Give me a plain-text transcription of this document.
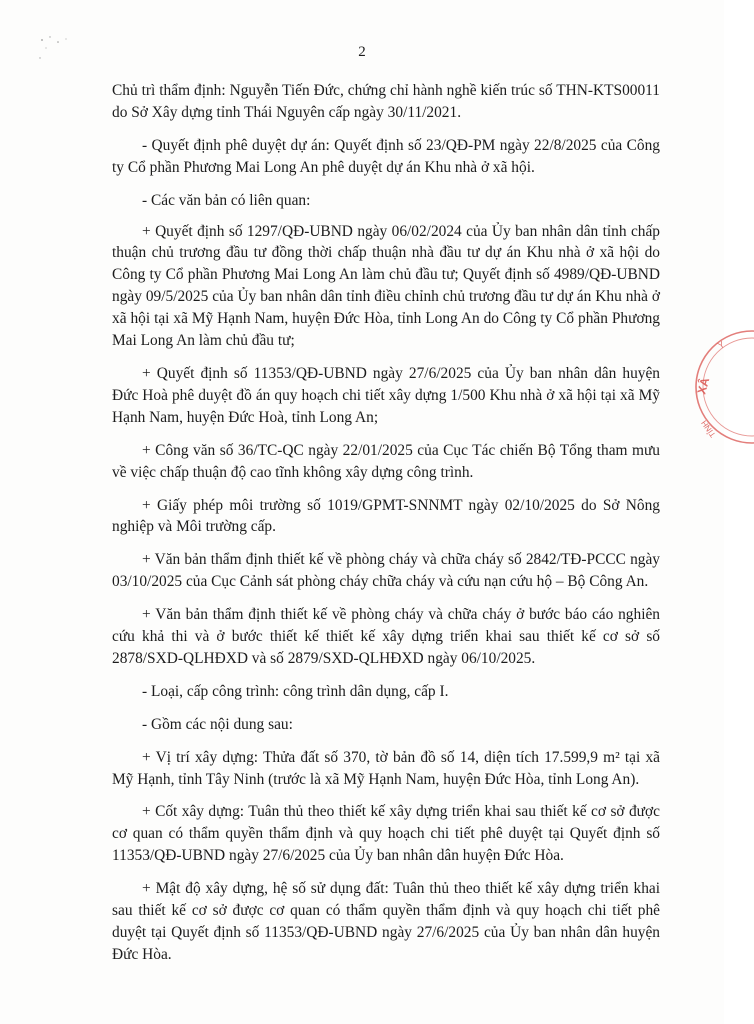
2

Chủ trì thẩm định: Nguyễn Tiến Đức, chứng chỉ hành nghề kiến trúc số THN-KTS00011 do Sở Xây dựng tỉnh Thái Nguyên cấp ngày 30/11/2021.

- Quyết định phê duyệt dự án: Quyết định số 23/QĐ-PM ngày 22/8/2025 của Công ty Cổ phần Phương Mai Long An phê duyệt dự án Khu nhà ở xã hội.

- Các văn bản có liên quan:

+ Quyết định số 1297/QĐ-UBND ngày 06/02/2024 của Ủy ban nhân dân tỉnh chấp thuận chủ trương đầu tư đồng thời chấp thuận nhà đầu tư dự án Khu nhà ở xã hội do Công ty Cổ phần Phương Mai Long An làm chủ đầu tư; Quyết định số 4989/QĐ-UBND ngày 09/5/2025 của Ủy ban nhân dân tỉnh điều chỉnh chủ trương đầu tư dự án Khu nhà ở xã hội tại xã Mỹ Hạnh Nam, huyện Đức Hòa, tỉnh Long An do Công ty Cổ phần Phương Mai Long An làm chủ đầu tư;

+ Quyết định số 11353/QĐ-UBND ngày 27/6/2025 của Ủy ban nhân dân huyện Đức Hoà phê duyệt đồ án quy hoạch chi tiết xây dựng 1/500 Khu nhà ở xã hội tại xã Mỹ Hạnh Nam, huyện Đức Hoà, tỉnh Long An;

+ Công văn số 36/TC-QC ngày 22/01/2025 của Cục Tác chiến Bộ Tổng tham mưu về việc chấp thuận độ cao tĩnh không xây dựng công trình.

+ Giấy phép môi trường số 1019/GPMT-SNNMT ngày 02/10/2025 do Sở Nông nghiệp và Môi trường cấp.

+ Văn bản thẩm định thiết kế về phòng cháy và chữa cháy số 2842/TĐ-PCCC ngày 03/10/2025 của Cục Cảnh sát phòng cháy chữa cháy và cứu nạn cứu hộ – Bộ Công An.

+ Văn bản thẩm định thiết kế về phòng cháy và chữa cháy ở bước báo cáo nghiên cứu khả thi và ở bước thiết kế thiết kế xây dựng triển khai sau thiết kế cơ sở số 2878/SXD-QLHĐXD và số 2879/SXD-QLHĐXD ngày 06/10/2025.

- Loại, cấp công trình: công trình dân dụng, cấp I.

- Gồm các nội dung sau:

+ Vị trí xây dựng: Thửa đất số 370, tờ bản đồ số 14, diện tích 17.599,9 m² tại xã Mỹ Hạnh, tỉnh Tây Ninh (trước là xã Mỹ Hạnh Nam, huyện Đức Hòa, tỉnh Long An).

+ Cốt xây dựng: Tuân thủ theo thiết kế xây dựng triển khai sau thiết kế cơ sở được cơ quan có thẩm quyền thẩm định và quy hoạch chi tiết phê duyệt tại Quyết định số 11353/QĐ-UBND ngày 27/6/2025 của Ủy ban nhân dân huyện Đức Hòa.

+ Mật độ xây dựng, hệ số sử dụng đất: Tuân thủ theo thiết kế xây dựng triển khai sau thiết kế cơ sở được cơ quan có thẩm quyền thẩm định và quy hoạch chi tiết phê duyệt tại Quyết định số 11353/QĐ-UBND ngày 27/6/2025 của Ủy ban nhân dân huyện Đức Hòa.

Y
XÂ
TỈNH
